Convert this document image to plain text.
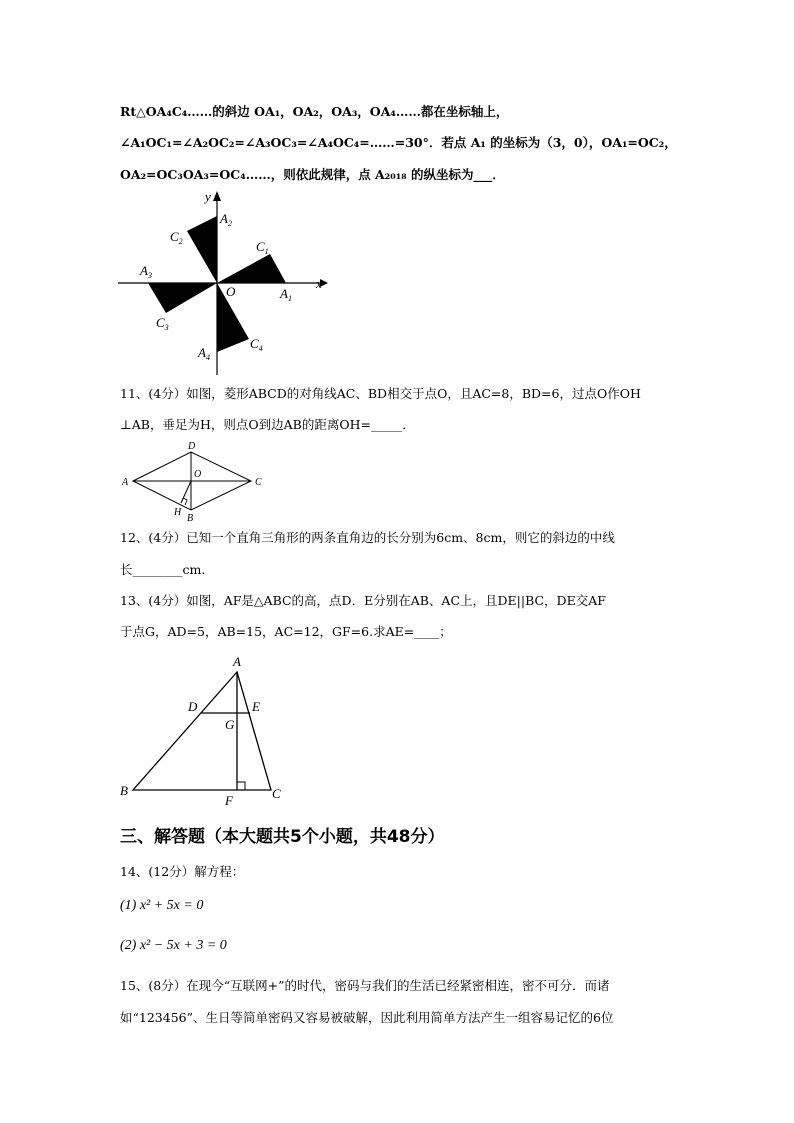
Rt△OA₄C₄……的斜边 OA₁，OA₂，OA₃，OA₄……都在坐标轴上，
∠A₁OC₁=∠A₂OC₂=∠A₃OC₃=∠A₄OC₄=……=30°．若点 A₁ 的坐标为（3，0），OA₁=OC₂，
OA₂=OC₃OA₃=OC₄……，则依此规律，点 A₂₀₁₈ 的纵坐标为___．
y
x
O
$A_2$
$C_2$	$C_1$
$A_1$
$A_3$
$C_3$
$C_4$
$A_4$
11、(4分）如图，菱形ABCD的对角线AC、BD相交于点O，且AC=8，BD=6，过点O作OH
⊥AB，垂足为H，则点O到边AB的距离OH=_____．
A
D
C
O
B
H
12、(4分）已知一个直角三角形的两条直角边的长分别为6cm、8cm，则它的斜边的中线
长________cm．
13、(4分）如图，AF是△ABC的高，点D．E分别在AB、AC上，且DE||BC，DE交AF
于点G，AD=5，AB=15，AC=12，GF=6.求AE=____；
A
D	E
G
B	C
F
三、解答题（本大题共5个小题，共48分）
14、(12分）解方程：
(1) x² + 5x = 0
(2) x² − 5x + 3 = 0
15、(8分）在现今“互联网+”的时代，密码与我们的生活已经紧密相连，密不可分．而诸
如“123456”、生日等简单密码又容易被破解，因此利用简单方法产生一组容易记忆的6位
